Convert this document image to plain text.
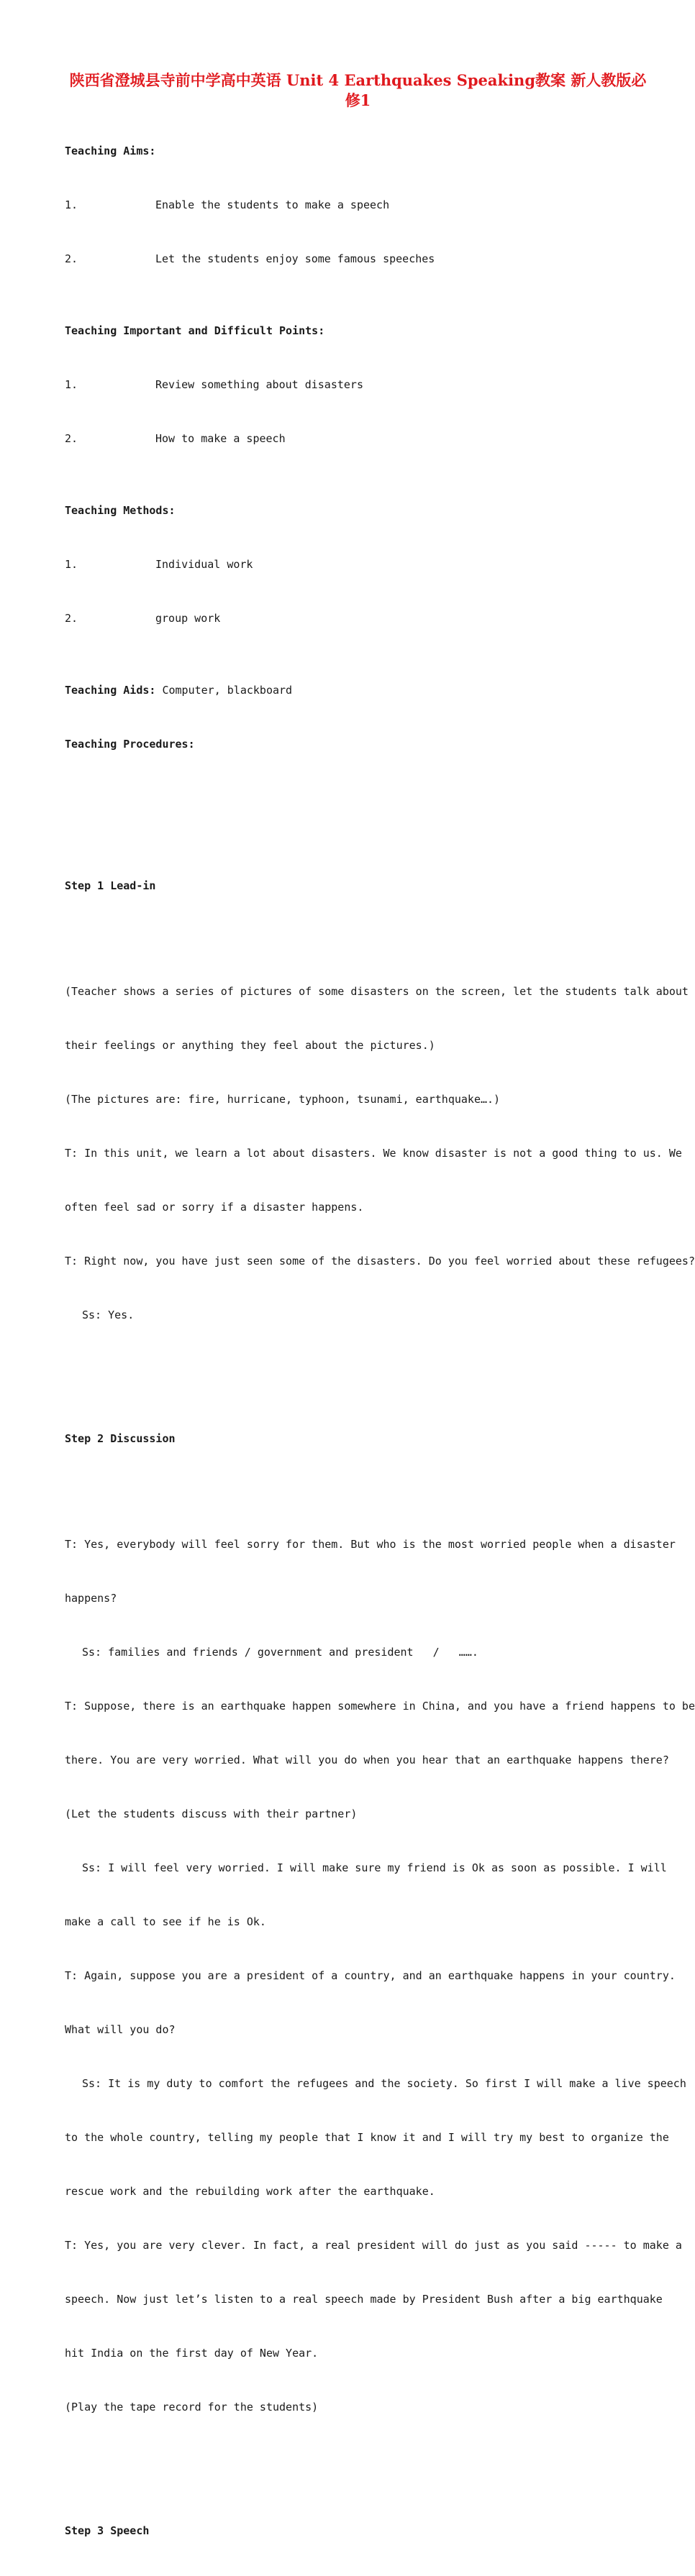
陕西省澄城县寺前中学高中英语 Unit 4 Earthquakes Speaking教案 新人教版必修1

Teaching Aims:

1.	Enable the students to make a speech

2.	Let the students enjoy some famous speeches

Teaching Important and Difficult Points:

1.	Review something about disasters

2.	How to make a speech

Teaching Methods:

1.	Individual work

2.	group work

Teaching Aids: Computer, blackboard

Teaching Procedures:

Step 1 Lead-in

(Teacher shows a series of pictures of some disasters on the screen, let the students talk about

their feelings or anything they feel about the pictures.)

(The pictures are: fire, hurricane, typhoon, tsunami, earthquake….)

T: In this unit, we learn a lot about disasters. We know disaster is not a good thing to us. We

often feel sad or sorry if a disaster happens.

T: Right now, you have just seen some of the disasters. Do you feel worried about these refugees?

Ss: Yes.

Step 2 Discussion

T: Yes, everybody will feel sorry for them. But who is the most worried people when a disaster

happens?

Ss: families and friends / government and president   /   …….

T: Suppose, there is an earthquake happen somewhere in China, and you have a friend happens to be

there. You are very worried. What will you do when you hear that an earthquake happens there?

(Let the students discuss with their partner)

Ss: I will feel very worried. I will make sure my friend is Ok as soon as possible. I will

make a call to see if he is Ok.

T: Again, suppose you are a president of a country, and an earthquake happens in your country.

What will you do?

Ss: It is my duty to comfort the refugees and the society. So first I will make a live speech

to the whole country, telling my people that I know it and I will try my best to organize the

rescue work and the rebuilding work after the earthquake.

T: Yes, you are very clever. In fact, a real president will do just as you said ----- to make a

speech. Now just let’s listen to a real speech made by President Bush after a big earthquake

hit India on the first day of New Year.

(Play the tape record for the students)

Step 3 Speech
